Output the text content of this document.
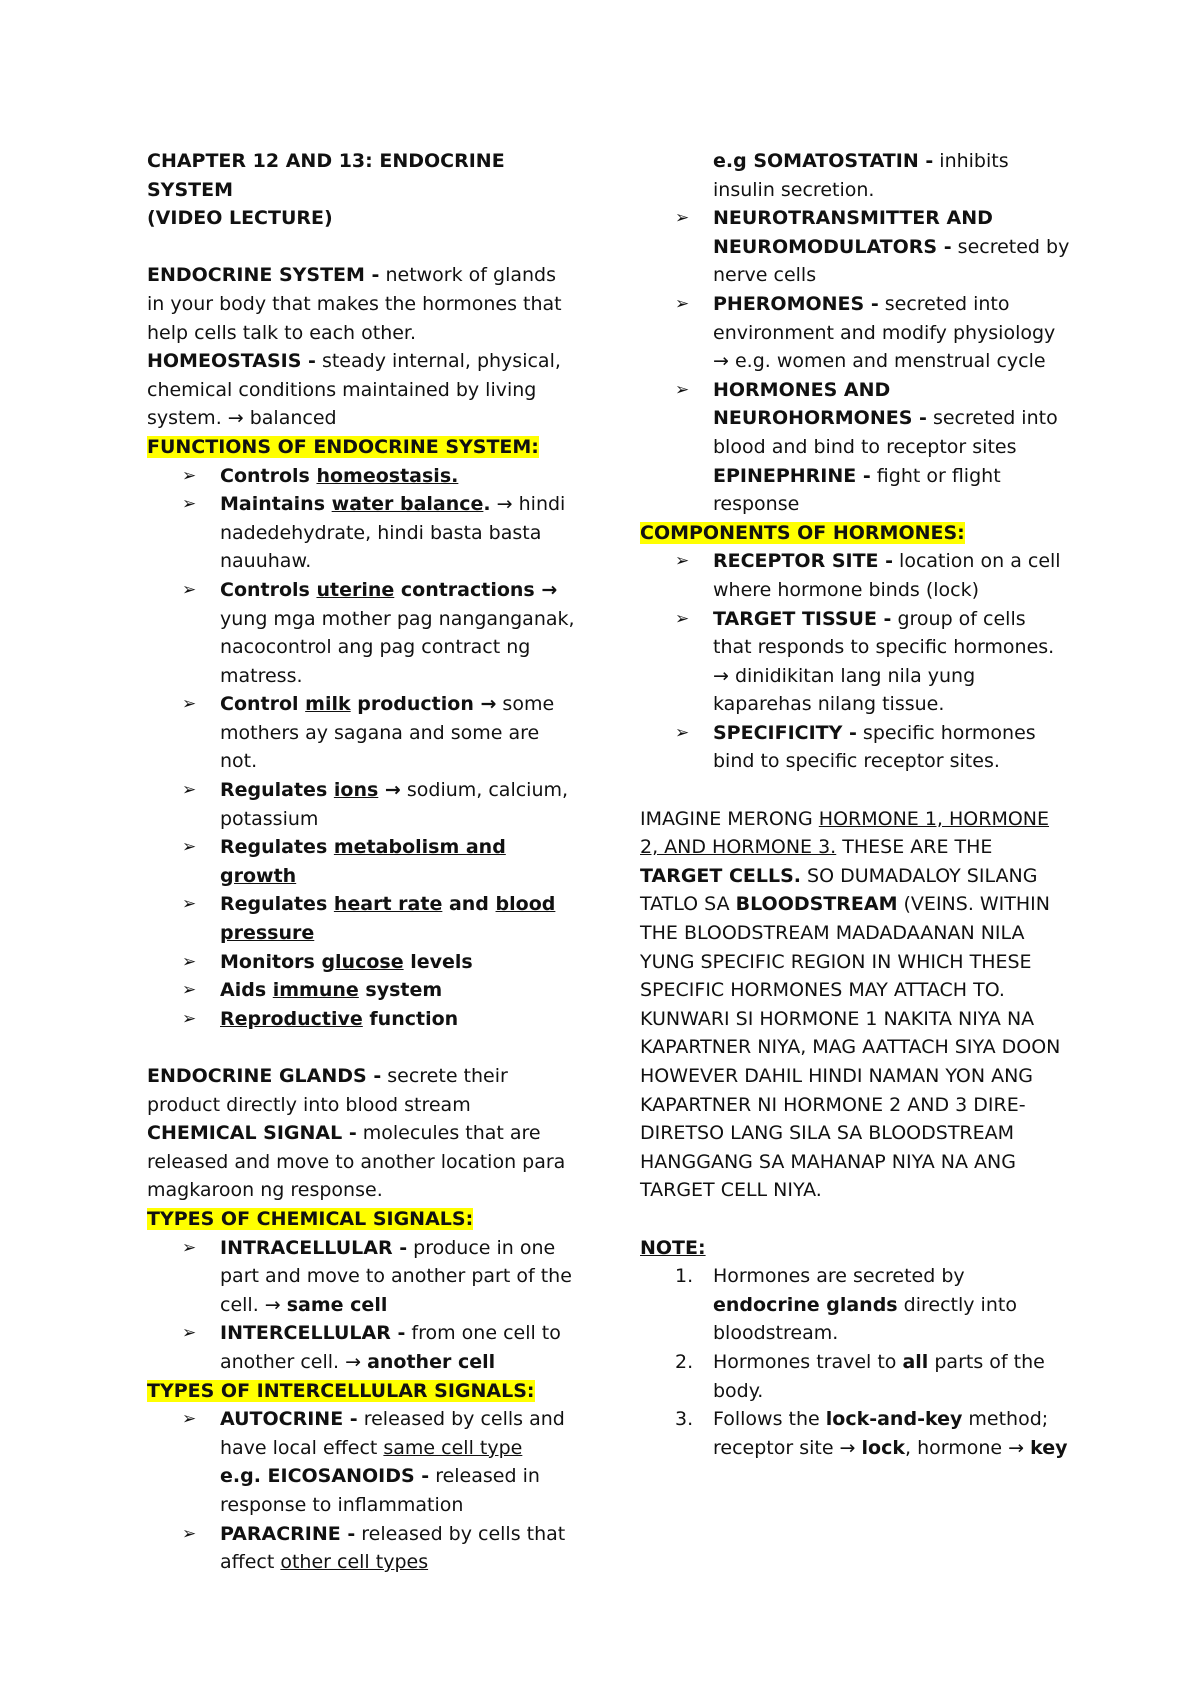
CHAPTER 12 AND 13: ENDOCRINE SYSTEM

(VIDEO LECTURE)

ENDOCRINE SYSTEM - network of glands in your body that makes the hormones that help cells talk to each other.

HOMEOSTASIS - steady internal, physical, chemical conditions maintained by living system. → balanced

FUNCTIONS OF ENDOCRINE SYSTEM:

➢ Controls homeostasis.
➢ Maintains water balance. → hindi nadedehydrate, hindi basta basta nauuhaw.
➢ Controls uterine contractions → yung mga mother pag nanganganak, nacocontrol ang pag contract ng matress.
➢ Control milk production → some mothers ay sagana and some are not.
➢ Regulates ions → sodium, calcium, potassium
➢ Regulates metabolism and growth
➢ Regulates heart rate and blood pressure
➢ Monitors glucose levels
➢ Aids immune system
➢ Reproductive function

ENDOCRINE GLANDS - secrete their product directly into blood stream

CHEMICAL SIGNAL - molecules that are released and move to another location para magkaroon ng response.

TYPES OF CHEMICAL SIGNALS:

➢ INTRACELLULAR - produce in one part and move to another part of the cell. → same cell
➢ INTERCELLULAR - from one cell to another cell. → another cell

TYPES OF INTERCELLULAR SIGNALS:

➢ AUTOCRINE - released by cells and have local effect same cell type
e.g. EICOSANOIDS - released in response to inflammation
➢ PARACRINE - released by cells that affect other cell types

e.g SOMATOSTATIN - inhibits insulin secretion.

➢ NEUROTRANSMITTER AND NEUROMODULATORS - secreted by nerve cells
➢ PHEROMONES - secreted into environment and modify physiology → e.g. women and menstrual cycle
➢ HORMONES AND NEUROHORMONES - secreted into blood and bind to receptor sites
EPINEPHRINE - fight or flight response

COMPONENTS OF HORMONES:

➢ RECEPTOR SITE - location on a cell where hormone binds (lock)
➢ TARGET TISSUE - group of cells that responds to specific hormones. → dinidikitan lang nila yung kaparehas nilang tissue.
➢ SPECIFICITY - specific hormones bind to specific receptor sites.

IMAGINE MERONG HORMONE 1, HORMONE 2, AND HORMONE 3. THESE ARE THE TARGET CELLS. SO DUMADALOY SILANG TATLO SA BLOODSTREAM (VEINS. WITHIN THE BLOODSTREAM MADADAANAN NILA YUNG SPECIFIC REGION IN WHICH THESE SPECIFIC HORMONES MAY ATTACH TO. KUNWARI SI HORMONE 1 NAKITA NIYA NA KAPARTNER NIYA, MAG AATTACH SIYA DOON HOWEVER DAHIL HINDI NAMAN YON ANG KAPARTNER NI HORMONE 2 AND 3 DIRE-DIRETSO LANG SILA SA BLOODSTREAM HANGGANG SA MAHANAP NIYA NA ANG TARGET CELL NIYA.

NOTE:

1. Hormones are secreted by endocrine glands directly into bloodstream.
2. Hormones travel to all parts of the body.
3. Follows the lock-and-key method; receptor site → lock, hormone → key
